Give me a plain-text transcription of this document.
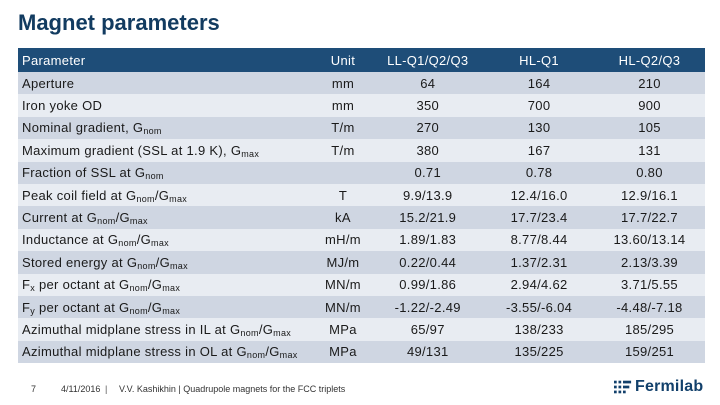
Magnet parameters
Parameter	Unit	LL-Q1/Q2/Q3	HL-Q1	HL-Q2/Q3
Aperture	mm	64	164	210
Iron yoke OD	mm	350	700	900
Nominal gradient, $G_{nom}$	T/m	270	130	105
Maximum gradient (SSL at 1.9 K), $G_{max}$	T/m	380	167	131
Fraction of SSL at $G_{nom}$		0.71	0.78	0.80
Peak coil field at $G_{nom}/G_{max}$	T	9.9/13.9	12.4/16.0	12.9/16.1
Current at $G_{nom}/G_{max}$	kA	15.2/21.9	17.7/23.4	17.7/22.7
Inductance at $G_{nom}/G_{max}$	mH/m	1.89/1.83	8.77/8.44	13.60/13.14
Stored energy at $G_{nom}/G_{max}$	MJ/m	0.22/0.44	1.37/2.31	2.13/3.39
$F_x$ per octant at $G_{nom}/G_{max}$	MN/m	0.99/1.86	2.94/4.62	3.71/5.55
$F_y$ per octant at $G_{nom}/G_{max}$	MN/m	-1.22/-2.49	-3.55/-6.04	-4.48/-7.18
Azimuthal midplane stress in IL at $G_{nom}/G_{max}$	MPa	65/97	138/233	185/295
Azimuthal midplane stress in OL at $G_{nom}/G_{max}$	MPa	49/131	135/225	159/251
7	4/11/2016 | V.V. Kashikhin | Quadrupole magnets for the FCC triplets	Fermilab
